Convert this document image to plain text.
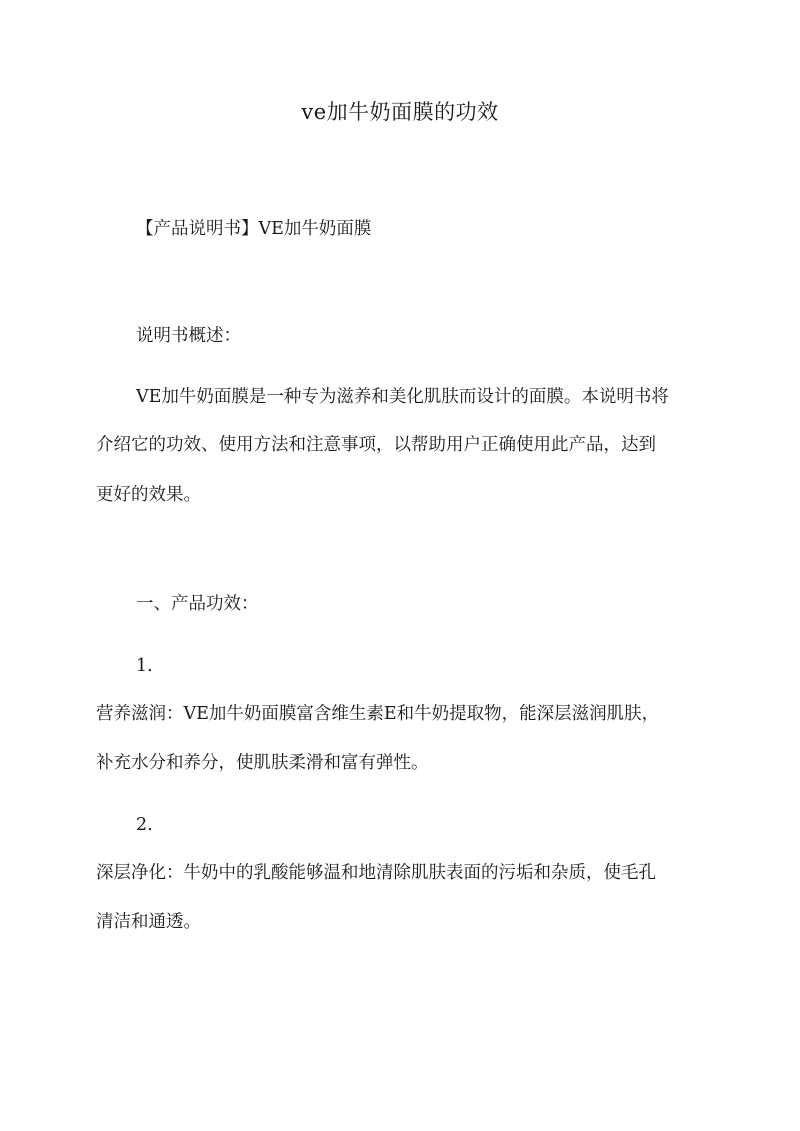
ve加牛奶面膜的功效
【产品说明书】VE加牛奶面膜
说明书概述：
VE加牛奶面膜是一种专为滋养和美化肌肤而设计的面膜。本说明书将
介绍它的功效、使用方法和注意事项，以帮助用户正确使用此产品，达到
更好的效果。
一、产品功效：
1.
营养滋润：VE加牛奶面膜富含维生素E和牛奶提取物，能深层滋润肌肤，
补充水分和养分，使肌肤柔滑和富有弹性。
2.
深层净化：牛奶中的乳酸能够温和地清除肌肤表面的污垢和杂质，使毛孔
清洁和通透。
